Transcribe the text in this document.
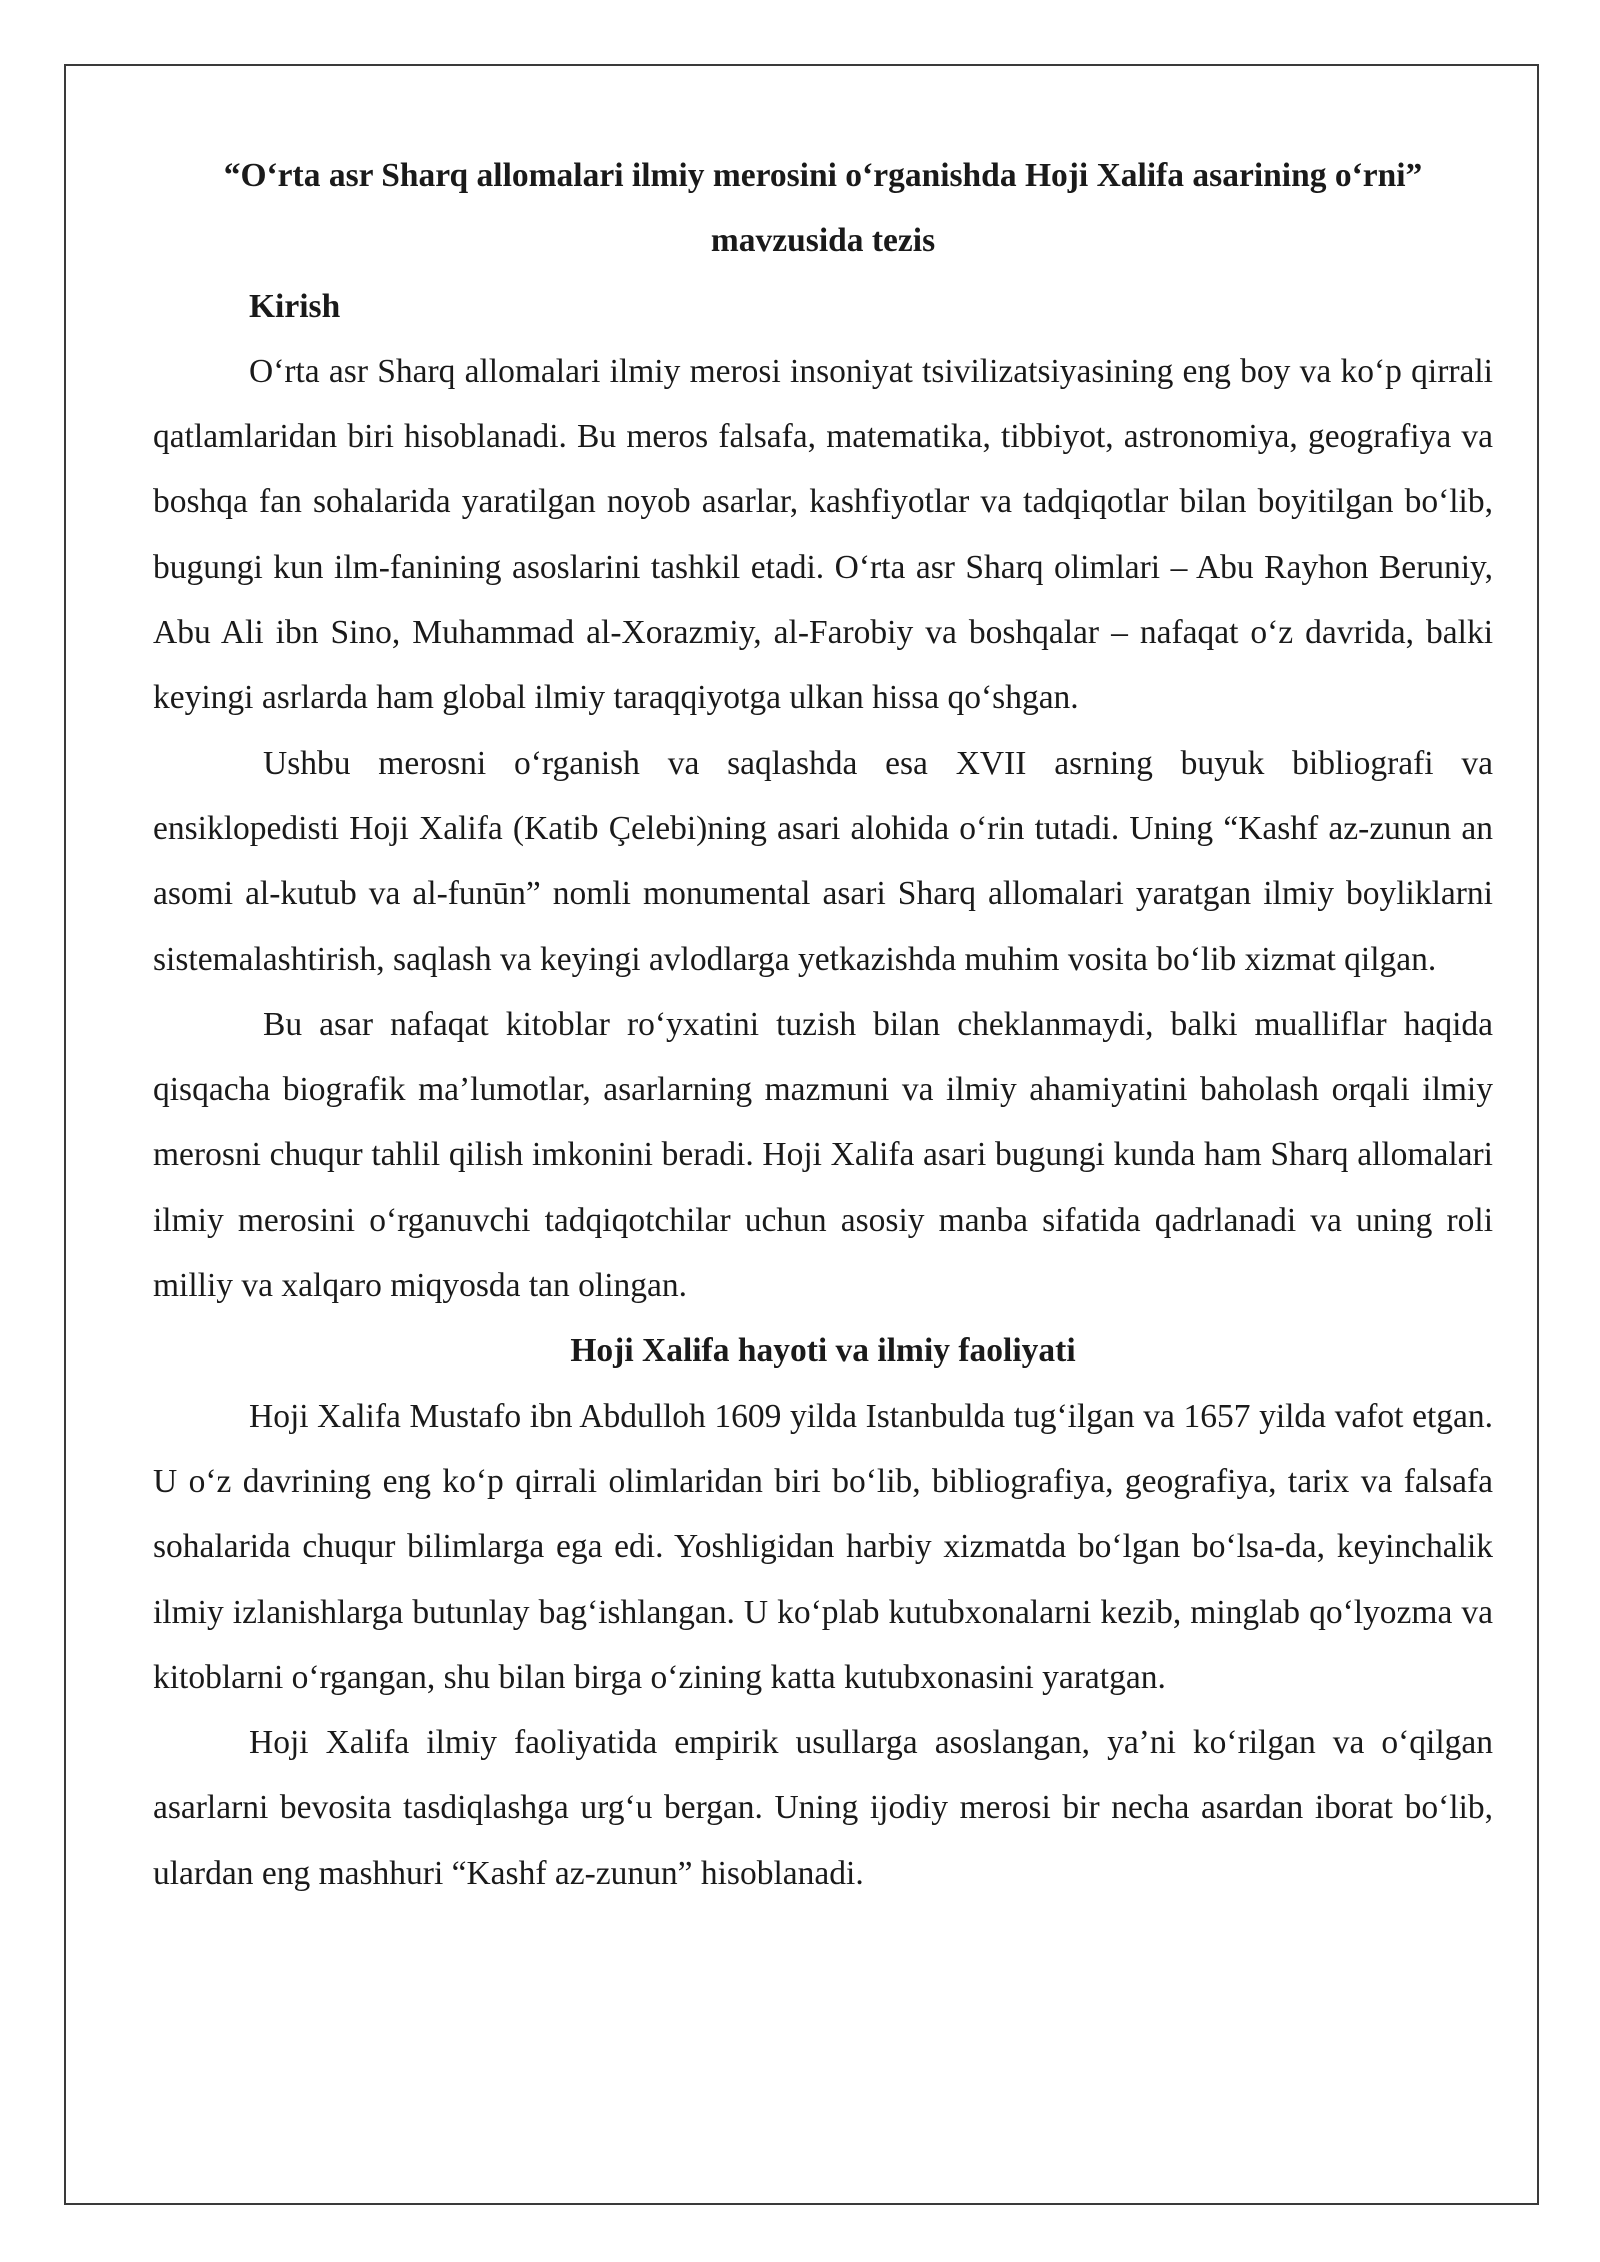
“O‘rta asr Sharq allomalari ilmiy merosini o‘rganishda Hoji Xalifa asarining o‘rni” mavzusida tezis

Kirish

O‘rta asr Sharq allomalari ilmiy merosi insoniyat tsivilizatsiyasining eng boy va ko‘p qirrali qatlamlaridan biri hisoblanadi. Bu meros falsafa, matematika, tibbiyot, astronomiya, geografiya va boshqa fan sohalarida yaratilgan noyob asarlar, kashfiyotlar va tadqiqotlar bilan boyitilgan bo‘lib, bugungi kun ilm-fanining asoslarini tashkil etadi. O‘rta asr Sharq olimlari – Abu Rayhon Beruniy, Abu Ali ibn Sino, Muhammad al-Xorazmiy, al-Farobiy va boshqalar – nafaqat o‘z davrida, balki keyingi asrlarda ham global ilmiy taraqqiyotga ulkan hissa qo‘shgan.

Ushbu merosni o‘rganish va saqlashda esa XVII asrning buyuk bibliografi va ensiklopedisti Hoji Xalifa (Katib Çelebi)ning asari alohida o‘rin tutadi. Uning “Kashf az-zunun an asomi al-kutub va al-funūn” nomli monumental asari Sharq allomalari yaratgan ilmiy boyliklarni sistemalashtirish, saqlash va keyingi avlodlarga yetkazishda muhim vosita bo‘lib xizmat qilgan.

Bu asar nafaqat kitoblar ro‘yxatini tuzish bilan cheklanmaydi, balki mualliflar haqida qisqacha biografik ma’lumotlar, asarlarning mazmuni va ilmiy ahamiyatini baholash orqali ilmiy merosni chuqur tahlil qilish imkonini beradi. Hoji Xalifa asari bugungi kunda ham Sharq allomalari ilmiy merosini o‘rganuvchi tadqiqotchilar uchun asosiy manba sifatida qadrlanadi va uning roli milliy va xalqaro miqyosda tan olingan.

Hoji Xalifa hayoti va ilmiy faoliyati

Hoji Xalifa Mustafo ibn Abdulloh 1609 yilda Istanbulda tug‘ilgan va 1657 yilda vafot etgan. U o‘z davrining eng ko‘p qirrali olimlaridan biri bo‘lib, bibliografiya, geografiya, tarix va falsafa sohalarida chuqur bilimlarga ega edi. Yoshligidan harbiy xizmatda bo‘lgan bo‘lsa-da, keyinchalik ilmiy izlanishlarga butunlay bag‘ishlangan. U ko‘plab kutubxonalarni kezib, minglab qo‘lyozma va kitoblarni o‘rgangan, shu bilan birga o‘zining katta kutubxonasini yaratgan.

Hoji Xalifa ilmiy faoliyatida empirik usullarga asoslangan, ya’ni ko‘rilgan va o‘qilgan asarlarni bevosita tasdiqlashga urg‘u bergan. Uning ijodiy merosi bir necha asardan iborat bo‘lib, ulardan eng mashhuri “Kashf az-zunun” hisoblanadi.
